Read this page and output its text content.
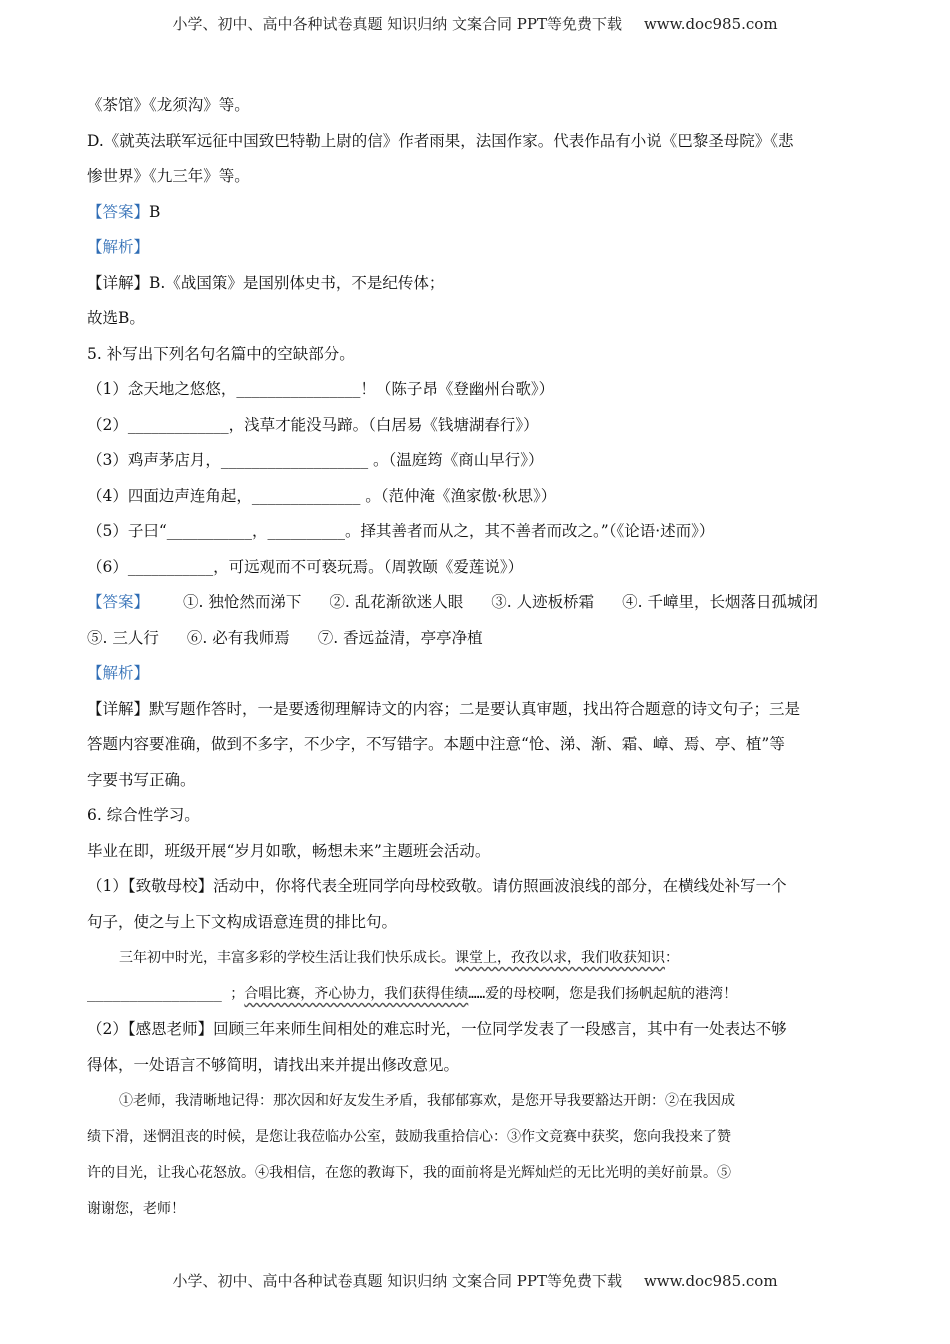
小学、初中、高中各种试卷真题 知识归纳 文案合同 PPT等免费下载 www.doc985.com
《茶馆》《龙须沟》等。
D.《就英法联军远征中国致巴特勒上尉的信》作者雨果，法国作家。代表作品有小说《巴黎圣母院》《悲
惨世界》《九三年》等。
【答案】B
【解析】
【详解】B.《战国策》是国别体史书，不是纪传体；
故选B。
5. 补写出下列名句名篇中的空缺部分。
（1）念天地之悠悠，________________！（陈子昂《登幽州台歌》）
（2）_____________，浅草才能没马蹄。（白居易《钱塘湖春行》）
（3）鸡声茅店月，___________________ 。（温庭筠《商山早行》）
（4）四面边声连角起，______________ 。（范仲淹《渔家傲·秋思》）
（5）子曰“___________，__________。择其善者而从之，其不善者而改之。”（《论语·述而》）
（6）___________，可远观而不可亵玩焉。（周敦颐《爱莲说》）
【答案】 ①. 独怆然而涕下 ②. 乱花渐欲迷人眼 ③. 人迹板桥霜 ④. 千嶂里，长烟落日孤城闭
⑤. 三人行 ⑥. 必有我师焉 ⑦. 香远益清，亭亭净植
【解析】
【详解】默写题作答时，一是要透彻理解诗文的内容；二是要认真审题，找出符合题意的诗文句子；三是
答题内容要准确，做到不多字，不少字，不写错字。本题中注意“怆、涕、渐、霜、嶂、焉、亭、植”等
字要书写正确。
6. 综合性学习。
毕业在即，班级开展“岁月如歌，畅想未来”主题班会活动。
（1）【致敬母校】活动中，你将代表全班同学向母校致敬。请仿照画波浪线的部分，在横线处补写一个
句子，使之与上下文构成语意连贯的排比句。
三年初中时光，丰富多彩的学校生活让我们快乐成长。课堂上，孜孜以求，我们收获知识：
________________ ；合唱比赛，齐心协力，我们获得佳绩……爱的母校啊，您是我们扬帆起航的港湾！
（2）【感恩老师】回顾三年来师生间相处的难忘时光，一位同学发表了一段感言，其中有一处表达不够
得体，一处语言不够简明，请找出来并提出修改意见。
①老师，我清晰地记得：那次因和好友发生矛盾，我郁郁寡欢，是您开导我要豁达开朗：②在我因成
绩下滑，迷惘沮丧的时候，是您让我莅临办公室，鼓励我重拾信心：③作文竞赛中获奖，您向我投来了赞
许的目光，让我心花怒放。④我相信，在您的教诲下，我的面前将是光辉灿烂的无比光明的美好前景。⑤
谢谢您，老师！
小学、初中、高中各种试卷真题 知识归纳 文案合同 PPT等免费下载 www.doc985.com
